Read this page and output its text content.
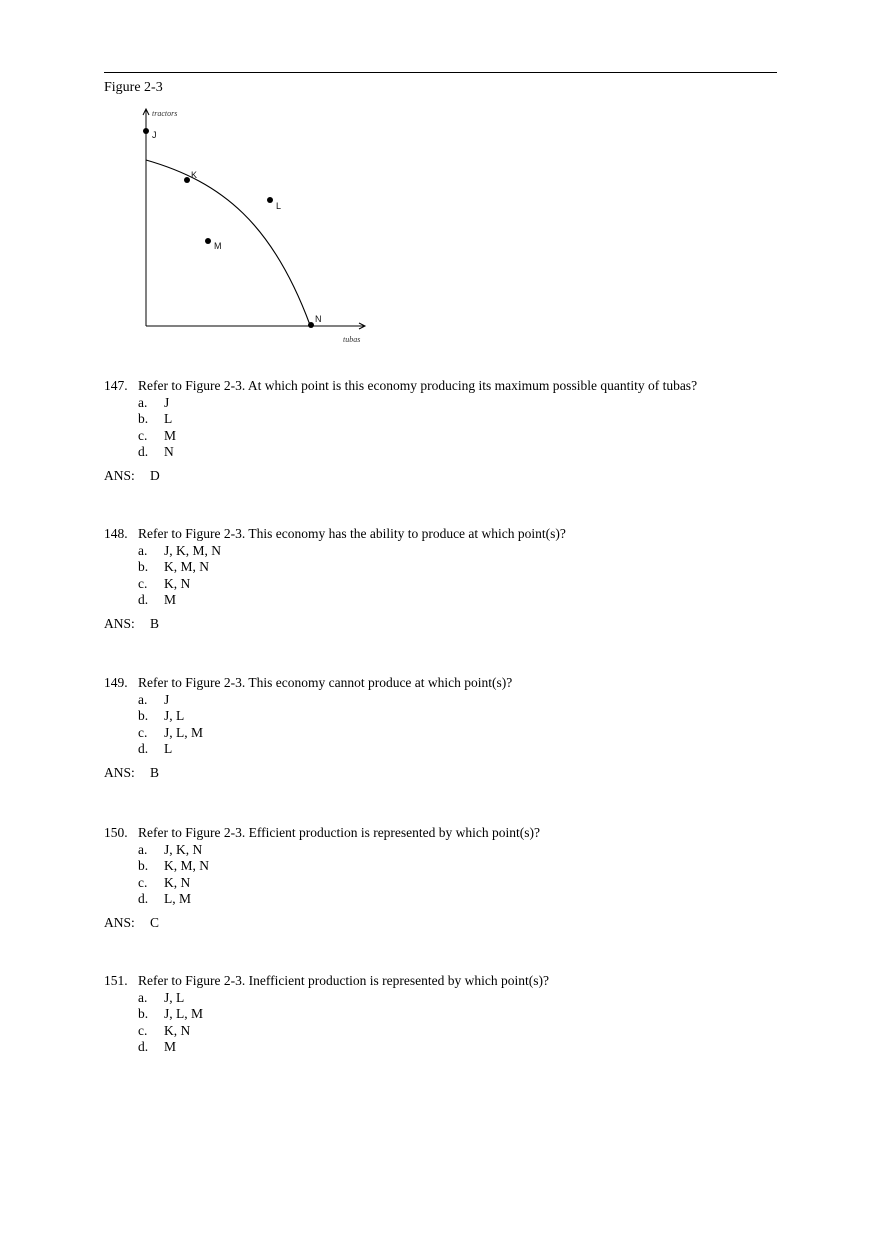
Figure 2-3
tractors
tubas
J
K
L
M
N
147. Refer to Figure 2-3. At which point is this economy producing its maximum possible quantity of tubas?
a. J
b. L
c. M
d. N
ANS: D
148. Refer to Figure 2-3. This economy has the ability to produce at which point(s)?
a. J, K, M, N
b. K, M, N
c. K, N
d. M
ANS: B
149. Refer to Figure 2-3. This economy cannot produce at which point(s)?
a. J
b. J, L
c. J, L, M
d. L
ANS: B
150. Refer to Figure 2-3. Efficient production is represented by which point(s)?
a. J, K, N
b. K, M, N
c. K, N
d. L, M
ANS: C
151. Refer to Figure 2-3. Inefficient production is represented by which point(s)?
a. J, L
b. J, L, M
c. K, N
d. M
